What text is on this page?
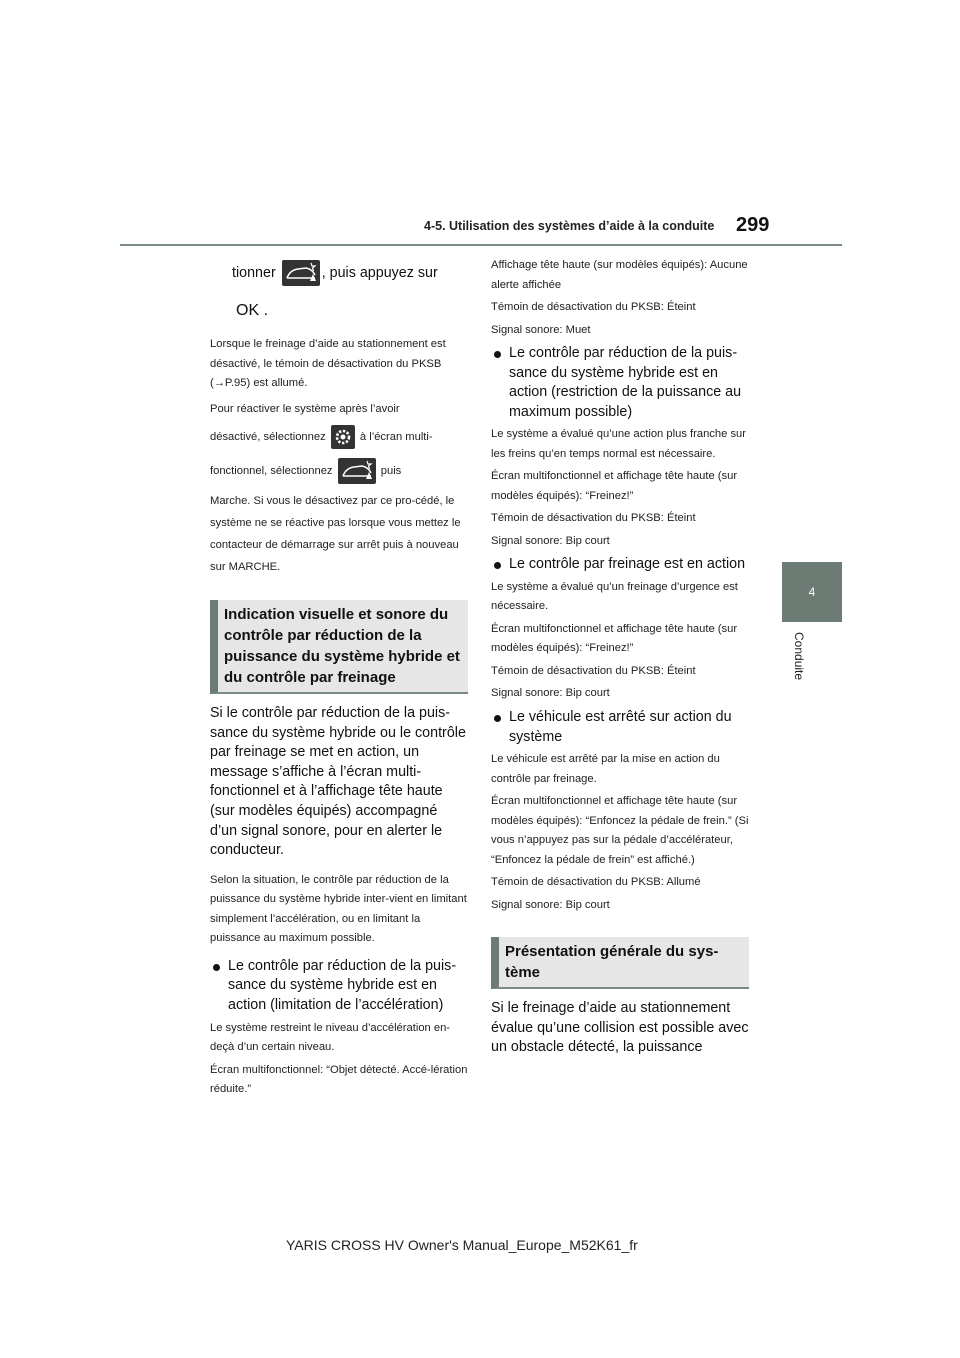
4-5. Utilisation des systèmes d’aide à la conduite 299
4
Conduite
tionner	, puis appuyez sur
OK .
Lorsque le freinage d’aide au stationnement est désactivé, le témoin de désactivation du PKSB (→P.95) est allumé.
Pour réactiver le système après l’avoir
désactivé, sélectionnez	à l’écran multi-
fonctionnel, sélectionnez	puis
Marche. Si vous le désactivez par ce pro-cédé, le système ne se réactive pas lorsque vous mettez le contacteur de démarrage sur arrêt puis à nouveau sur MARCHE.
Indication visuelle et sonore du contrôle par réduction de la puissance du système hybride et du contrôle par freinage
Si le contrôle par réduction de la puis-sance du système hybride ou le contrôle par freinage se met en action, un message s’affiche à l’écran multi-fonctionnel et à l’affichage tête haute (sur modèles équipés) accompagné d’un signal sonore, pour en alerter le conducteur.
Selon la situation, le contrôle par réduction de la puissance du système hybride inter-vient en limitant simplement l’accélération, ou en limitant la puissance au maximum possible.
Le contrôle par réduction de la puis-sance du système hybride est en action (limitation de l’accélération)
Le système restreint le niveau d’accélération en-deçà d’un certain niveau.
Écran multifonctionnel: “Objet détecté. Accé-lération réduite.”
Affichage tête haute (sur modèles équipés): Aucune alerte affichée
Témoin de désactivation du PKSB: Éteint
Signal sonore: Muet
Le contrôle par réduction de la puis-sance du système hybride est en action (restriction de la puissance au maximum possible)
Le système a évalué qu’une action plus franche sur les freins qu’en temps normal est nécessaire.
Écran multifonctionnel et affichage tête haute (sur modèles équipés): “Freinez!”
Témoin de désactivation du PKSB: Éteint
Signal sonore: Bip court
Le contrôle par freinage est en action
Le système a évalué qu’un freinage d’urgence est nécessaire.
Écran multifonctionnel et affichage tête haute (sur modèles équipés): “Freinez!”
Témoin de désactivation du PKSB: Éteint
Signal sonore: Bip court
Le véhicule est arrêté sur action du système
Le véhicule est arrêté par la mise en action du contrôle par freinage.
Écran multifonctionnel et affichage tête haute (sur modèles équipés): “Enfoncez la pédale de frein.” (Si vous n’appuyez pas sur la pédale d’accélérateur, “Enfoncez la pédale de frein” est affiché.)
Témoin de désactivation du PKSB: Allumé
Signal sonore: Bip court
Présentation générale du sys-tème
Si le freinage d’aide au stationnement évalue qu’une collision est possible avec un obstacle détecté, la puissance
YARIS CROSS HV Owner's Manual_Europe_M52K61_fr
